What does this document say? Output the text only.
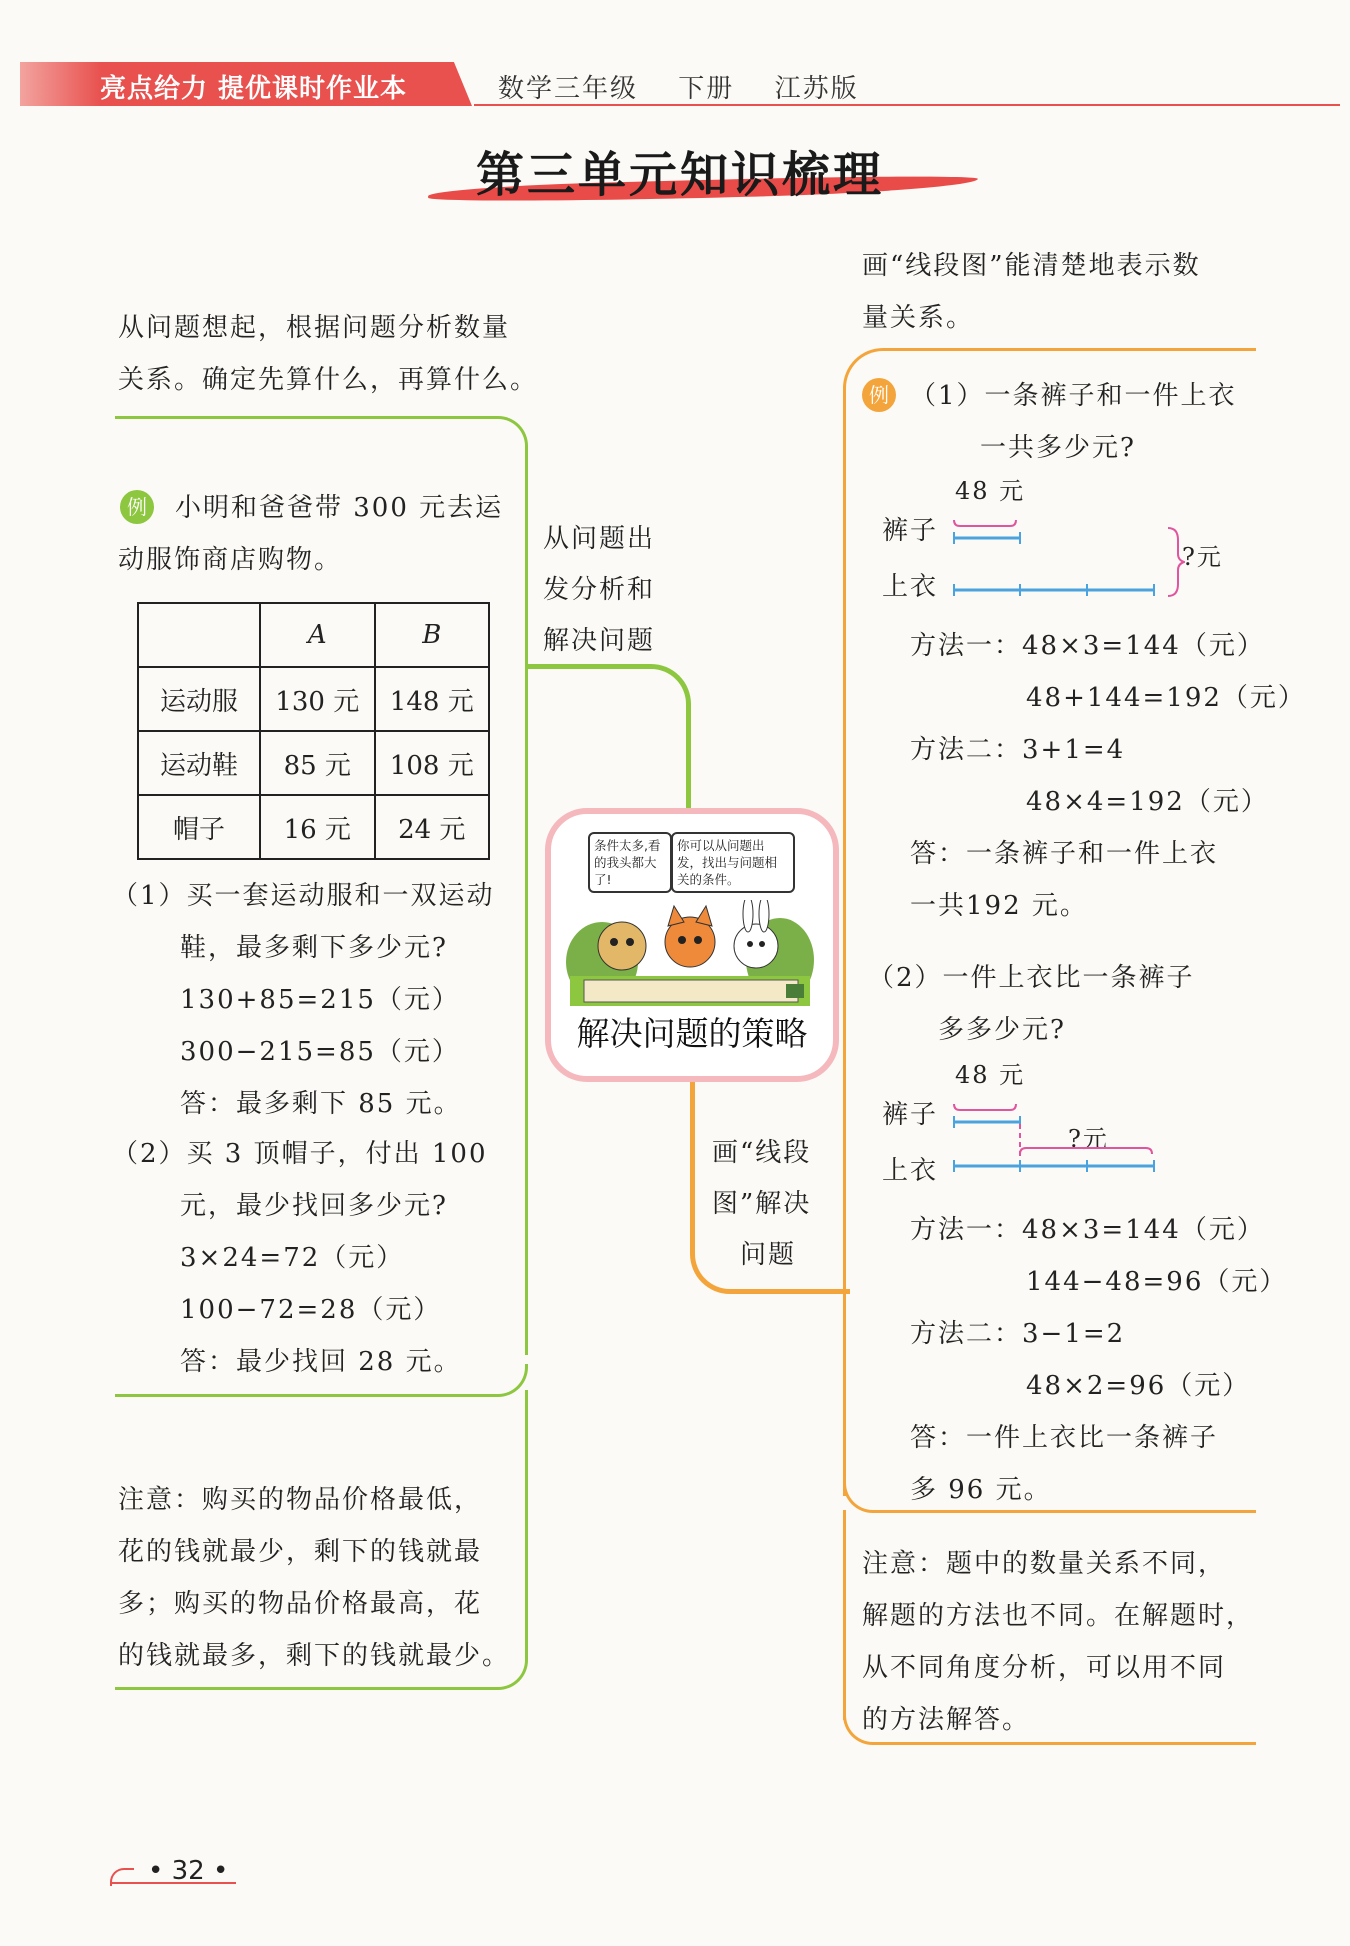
亮点给力 提优课时作业本	数学三年级 下册 江苏版
第三单元知识梳理
从问题想起，根据问题分析数量
关系。确定先算什么，再算什么。
从问题出
发分析和
解决问题
例 小明和爸爸带 300 元去运
动服饰商店购物。
	A	B
运动服	130 元	148 元
运动鞋	85 元	108 元
帽子	16 元	24 元
（1）买一套运动服和一双运动
鞋，最多剩下多少元?
130+85=215（元）
300−215=85（元）
答：最多剩下 85 元。
（2）买 3 顶帽子，付出 100
元，最少找回多少元?
3×24=72（元）
100−72=28（元）
答：最少找回 28 元。
注意：购买的物品价格最低，
花的钱就最少，剩下的钱就最
多；购买的物品价格最高，花
的钱就最多，剩下的钱就最少。
条件太多,看的我头都大了!
你可以从问题出发，找出与问题相关的条件。
解决问题的策略
画“线段图”能清楚地表示数
量关系。
例 （1）一条裤子和一件上衣
一共多少元?
48 元
裤子
上衣
?元
方法一：48×3=144（元）
48+144=192（元）
方法二：3+1=4
48×4=192（元）
答：一条裤子和一件上衣
一共192 元。
（2）一件上衣比一条裤子
多多少元?
48 元
裤子
上衣
?元
方法一：48×3=144（元）
144−48=96（元）
方法二：3−1=2
48×2=96（元）
答：一件上衣比一条裤子
多 96 元。
画“线段
图”解决
问题
注意：题中的数量关系不同，
解题的方法也不同。在解题时，
从不同角度分析，可以用不同
的方法解答。
• 32 •
